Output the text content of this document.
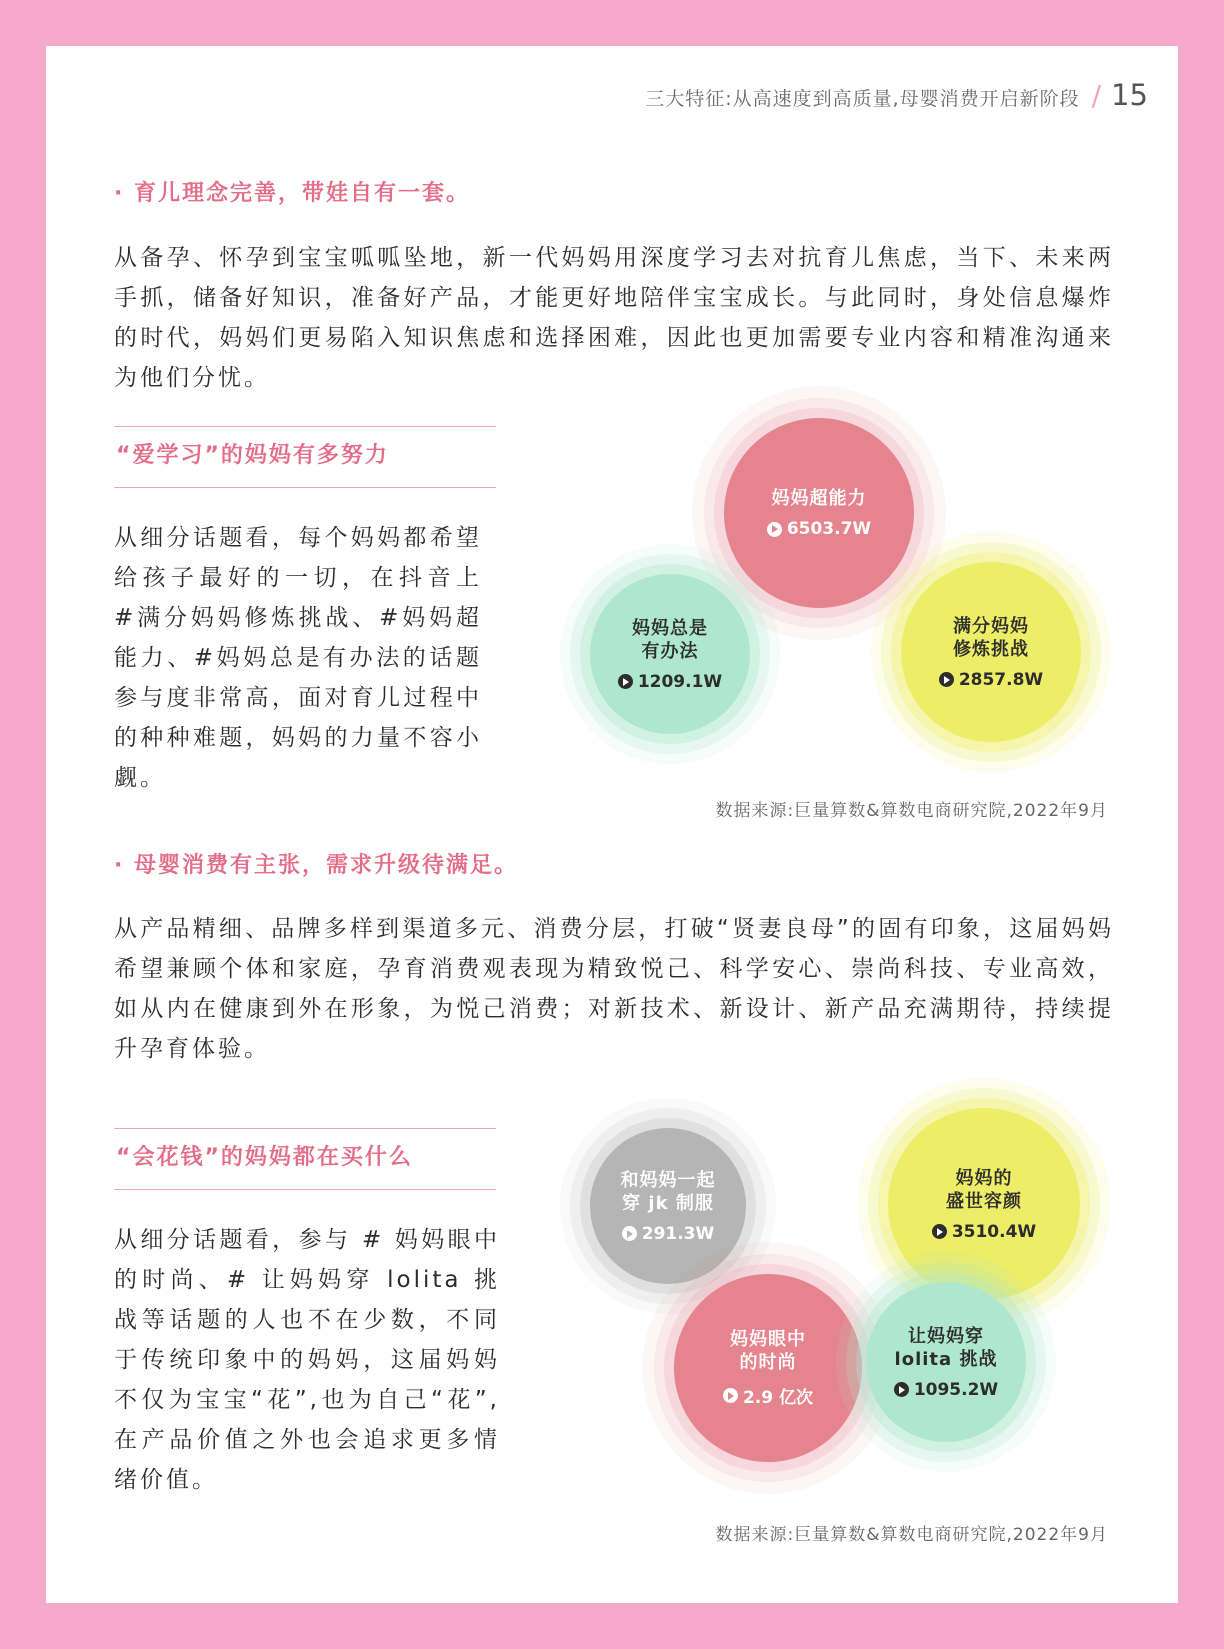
三大特征:从高速度到高质量,母婴消费开启新阶段 / 15
· 育儿理念完善，带娃自有一套。

从备孕、怀孕到宝宝呱呱坠地，新一代妈妈用深度学习去对抗育儿焦虑，当下、未来两手抓，储备好知识，准备好产品，才能更好地陪伴宝宝成长。与此同时，身处信息爆炸的时代，妈妈们更易陷入知识焦虑和选择困难，因此也更加需要专业内容和精准沟通来为他们分忧。

“爱学习”的妈妈有多努力

从细分话题看，每个妈妈都希望给孩子最好的一切，在抖音上 #满分妈妈修炼挑战、#妈妈超能力、#妈妈总是有办法的话题参与度非常高，面对育儿过程中的种种难题，妈妈的力量不容小觑。

妈妈超能力
6503.7W
妈妈总是
有办法
1209.1W
满分妈妈
修炼挑战
2857.8W
数据来源:巨量算数&算数电商研究院,2022年9月
· 母婴消费有主张，需求升级待满足。

从产品精细、品牌多样到渠道多元、消费分层，打破“贤妻良母”的固有印象，这届妈妈希望兼顾个体和家庭，孕育消费观表现为精致悦己、科学安心、崇尚科技、专业高效，如从内在健康到外在形象，为悦己消费；对新技术、新设计、新产品充满期待，持续提升孕育体验。

“会花钱”的妈妈都在买什么

从细分话题看，参与 # 妈妈眼中的时尚、# 让妈妈穿 lolita 挑战等话题的人也不在少数，不同于传统印象中的妈妈，这届妈妈不仅为宝宝“花”,也为自己“花”,在产品价值之外也会追求更多情绪价值。

和妈妈一起
穿 jk 制服
291.3W
妈妈的
盛世容颜
3510.4W
妈妈眼中
的时尚
2.9 亿次
让妈妈穿
lolita 挑战
1095.2W
数据来源:巨量算数&算数电商研究院,2022年9月
